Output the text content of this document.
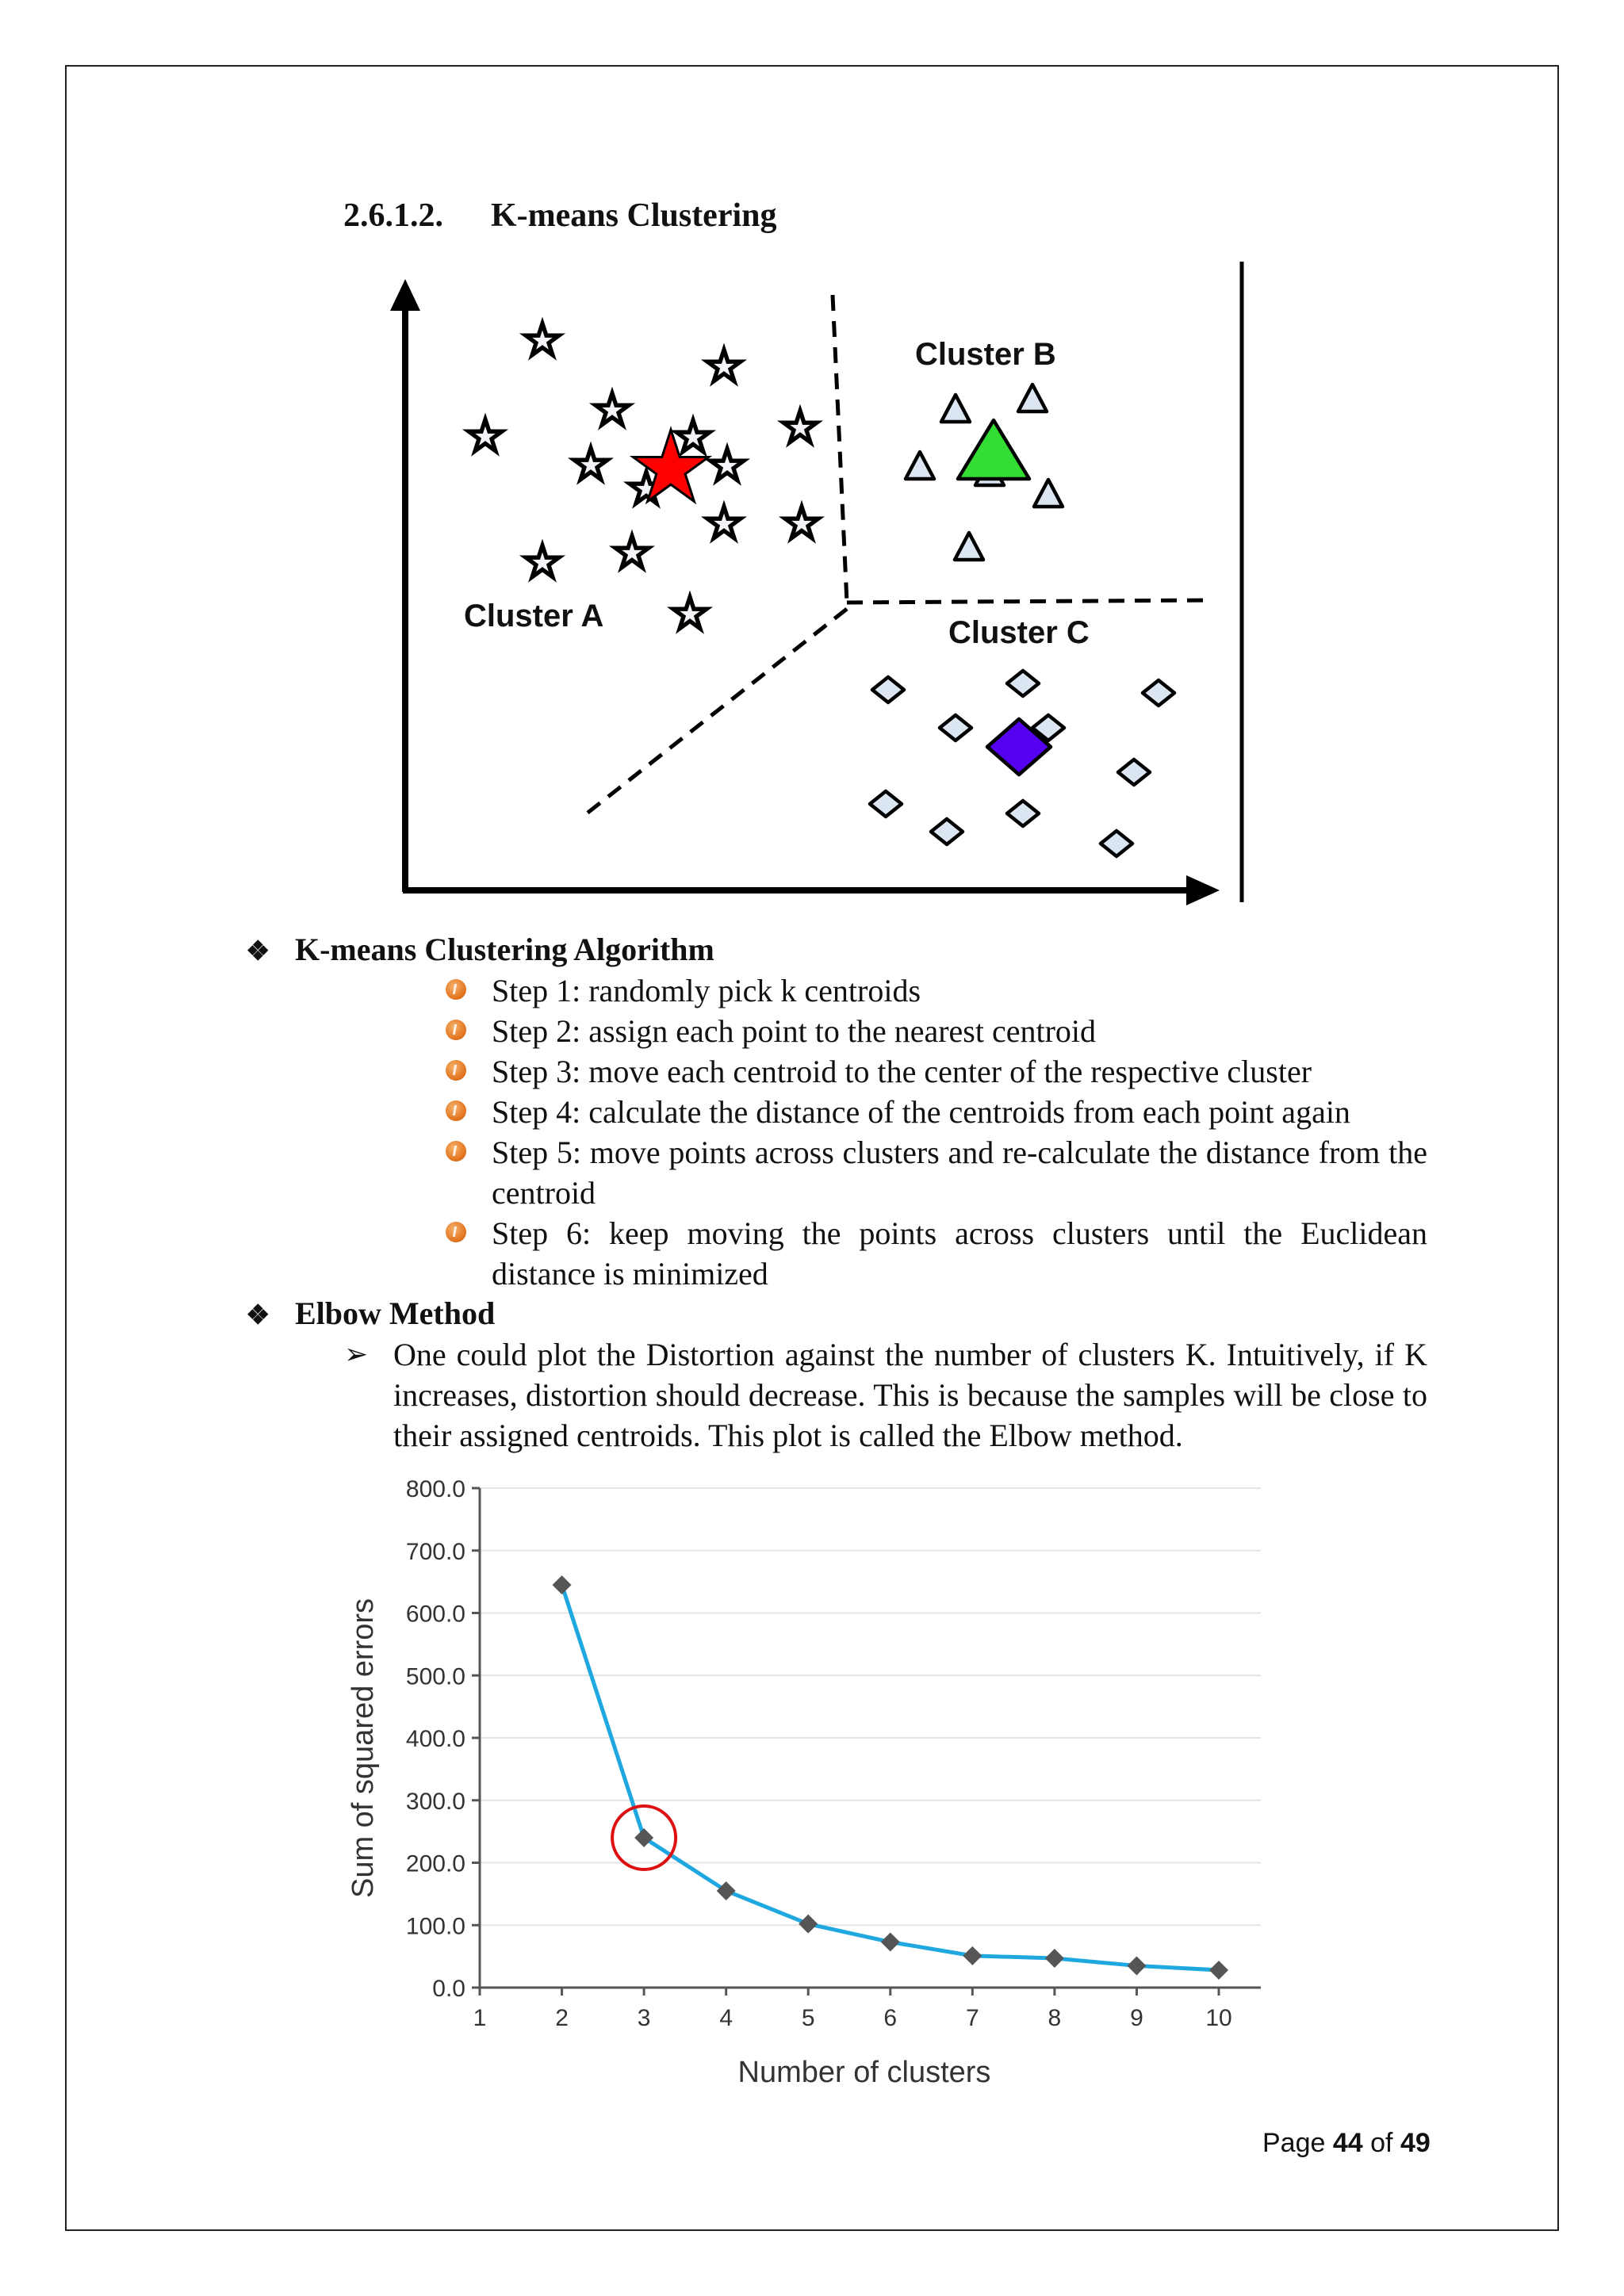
2.6.1.2. K-means Clustering
Cluster A
Cluster B
Cluster C
❖ K-means Clustering Algorithm
Step 1: randomly pick k centroids
Step 2: assign each point to the nearest centroid
Step 3: move each centroid to the center of the respective cluster
Step 4: calculate the distance of the centroids from each point again
Step 5: move points across clusters and re-calculate the distance from the centroid
Step 6: keep moving the points across clusters until the Euclidean distance is minimized
❖ Elbow Method
➢ One could plot the Distortion against the number of clusters K. Intuitively, if K increases, distortion should decrease. This is because the samples will be close to their assigned centroids. This plot is called the Elbow method.
0.0
100.0
200.0
300.0
400.0
500.0
600.0
700.0
800.0
1	2	3	4	5	6	7	8	9	10
Number of clusters
Sum of squared errors
Page 44 of 49
